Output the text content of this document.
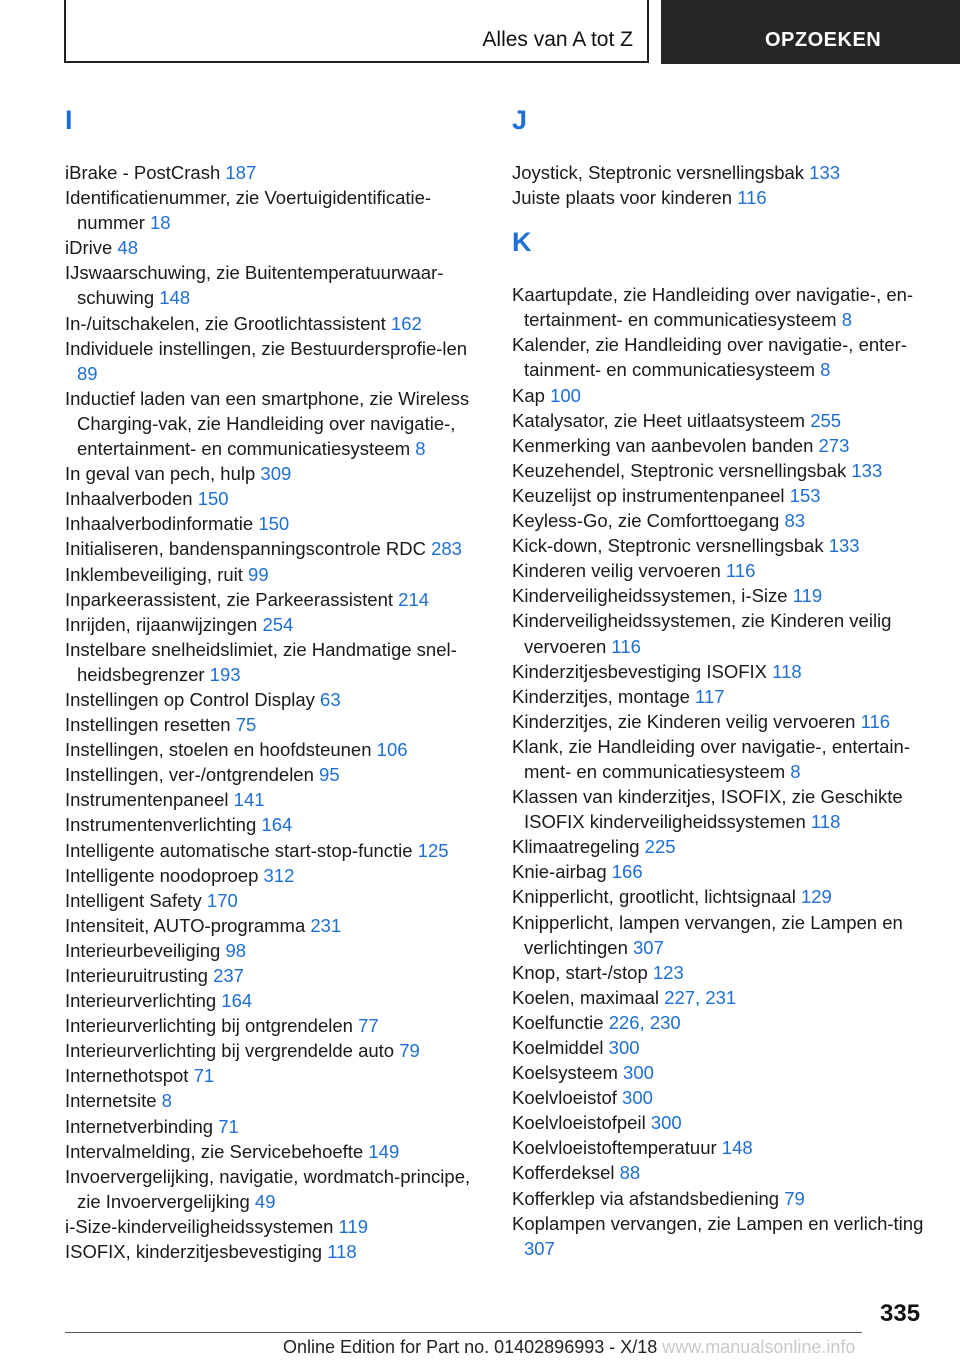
Alles van A tot Z	OPZOEKEN
I
iBrake - PostCrash 187
Identificatienummer, zie Voertuigidentificatie-nummer 18
iDrive 48
IJswaarschuwing, zie Buitentemperatuurwaar-schuwing 148
In-/uitschakelen, zie Grootlichtassistent 162
Individuele instellingen, zie Bestuurdersprofie-len 89
Inductief laden van een smartphone, zie Wireless Charging-vak, zie Handleiding over navigatie-, entertainment- en communicatiesysteem 8
In geval van pech, hulp 309
Inhaalverboden 150
Inhaalverbodinformatie 150
Initialiseren, bandenspanningscontrole RDC 283
Inklembeveiliging, ruit 99
Inparkeerassistent, zie Parkeerassistent 214
Inrijden, rijaanwijzingen 254
Instelbare snelheidslimiet, zie Handmatige snel-heidsbegrenzer 193
Instellingen op Control Display 63
Instellingen resetten 75
Instellingen, stoelen en hoofdsteunen 106
Instellingen, ver-/ontgrendelen 95
Instrumentenpaneel 141
Instrumentenverlichting 164
Intelligente automatische start-stop-functie 125
Intelligente noodoproep 312
Intelligent Safety 170
Intensiteit, AUTO-programma 231
Interieurbeveiliging 98
Interieuruitrusting 237
Interieurverlichting 164
Interieurverlichting bij ontgrendelen 77
Interieurverlichting bij vergrendelde auto 79
Internethotspot 71
Internetsite 8
Internetverbinding 71
Intervalmelding, zie Servicebehoefte 149
Invoervergelijking, navigatie, wordmatch-principe, zie Invoervergelijking 49
i-Size-kinderveiligheidssystemen 119
ISOFIX, kinderzitjesbevestiging 118
J
Joystick, Steptronic versnellingsbak 133
Juiste plaats voor kinderen 116
K
Kaartupdate, zie Handleiding over navigatie-, en-tertainment- en communicatiesysteem 8
Kalender, zie Handleiding over navigatie-, enter-tainment- en communicatiesysteem 8
Kap 100
Katalysator, zie Heet uitlaatsysteem 255
Kenmerking van aanbevolen banden 273
Keuzehendel, Steptronic versnellingsbak 133
Keuzelijst op instrumentenpaneel 153
Keyless-Go, zie Comforttoegang 83
Kick-down, Steptronic versnellingsbak 133
Kinderen veilig vervoeren 116
Kinderveiligheidssystemen, i-Size 119
Kinderveiligheidssystemen, zie Kinderen veilig vervoeren 116
Kinderzitjesbevestiging ISOFIX 118
Kinderzitjes, montage 117
Kinderzitjes, zie Kinderen veilig vervoeren 116
Klank, zie Handleiding over navigatie-, entertain-ment- en communicatiesysteem 8
Klassen van kinderzitjes, ISOFIX, zie Geschikte ISOFIX kinderveiligheidssystemen 118
Klimaatregeling 225
Knie-airbag 166
Knipperlicht, grootlicht, lichtsignaal 129
Knipperlicht, lampen vervangen, zie Lampen en verlichtingen 307
Knop, start-/stop 123
Koelen, maximaal 227, 231
Koelfunctie 226, 230
Koelmiddel 300
Koelsysteem 300
Koelvloeistof 300
Koelvloeistofpeil 300
Koelvloeistoftemperatuur 148
Kofferdeksel 88
Kofferklep via afstandsbediening 79
Koplampen vervangen, zie Lampen en verlich-ting 307
335
Online Edition for Part no. 01402896993 - X/18 www.manualsonline.info
